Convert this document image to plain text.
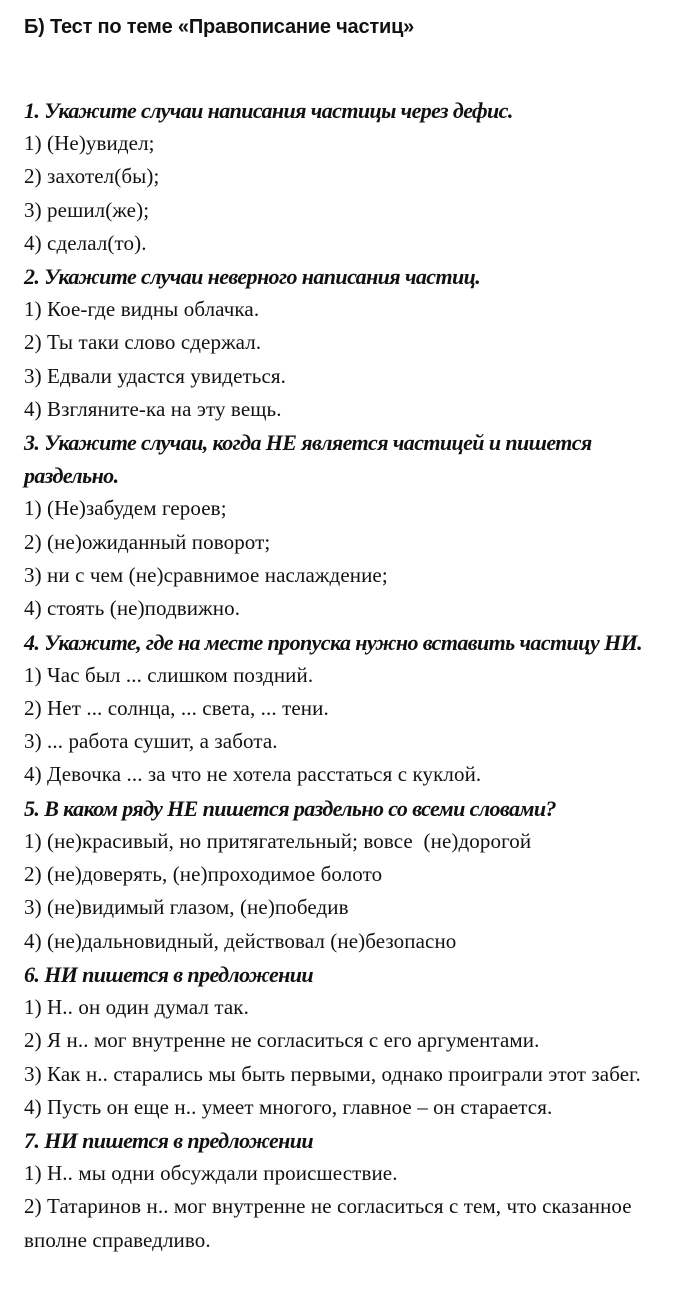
Б) Тест по теме «Правописание частиц»

1. Укажите случаи написания частицы через дефис.

1) (Не)увидел;

2) захотел(бы);

3) решил(же);

4) сделал(то).

2. Укажите случаи неверного написания частиц.

1) Кое-где видны облачка.

2) Ты таки слово сдержал.

3) Едвали удастся увидеться.

4) Взгляните-ка на эту вещь.

3. Укажите случаи, когда НЕ является частицей и пишется раздельно.

1) (Не)забудем героев;

2) (не)ожиданный поворот;

3) ни с чем (не)сравнимое наслаждение;

4) стоять (не)подвижно.

4. Укажите, где на месте пропуска нужно вставить частицу НИ.

1) Час был ... слишком поздний.

2) Нет ... солнца, ... света, ... тени.

3) ... работа сушит, а забота.

4) Девочка ... за что не хотела расстаться с куклой.

5. В каком ряду НЕ пишется раздельно со всеми словами?

1) (не)красивый, но притягательный; вовсе  (не)дорогой

2) (не)доверять, (не)проходимое болото

3) (не)видимый глазом, (не)победив

4) (не)дальновидный, действовал (не)безопасно

6. НИ пишется в предложении

1) Н.. он один думал так.

2) Я н.. мог внутренне не согласиться с его аргументами.

3) Как н.. старались мы быть первыми, однако проиграли этот забег.

4) Пусть он еще н.. умеет многого, главное – он старается.

7. НИ пишется в предложении

1) Н.. мы одни обсуждали происшествие.

2) Татаринов н.. мог внутренне не согласиться с тем, что сказанное вполне справедливо.
